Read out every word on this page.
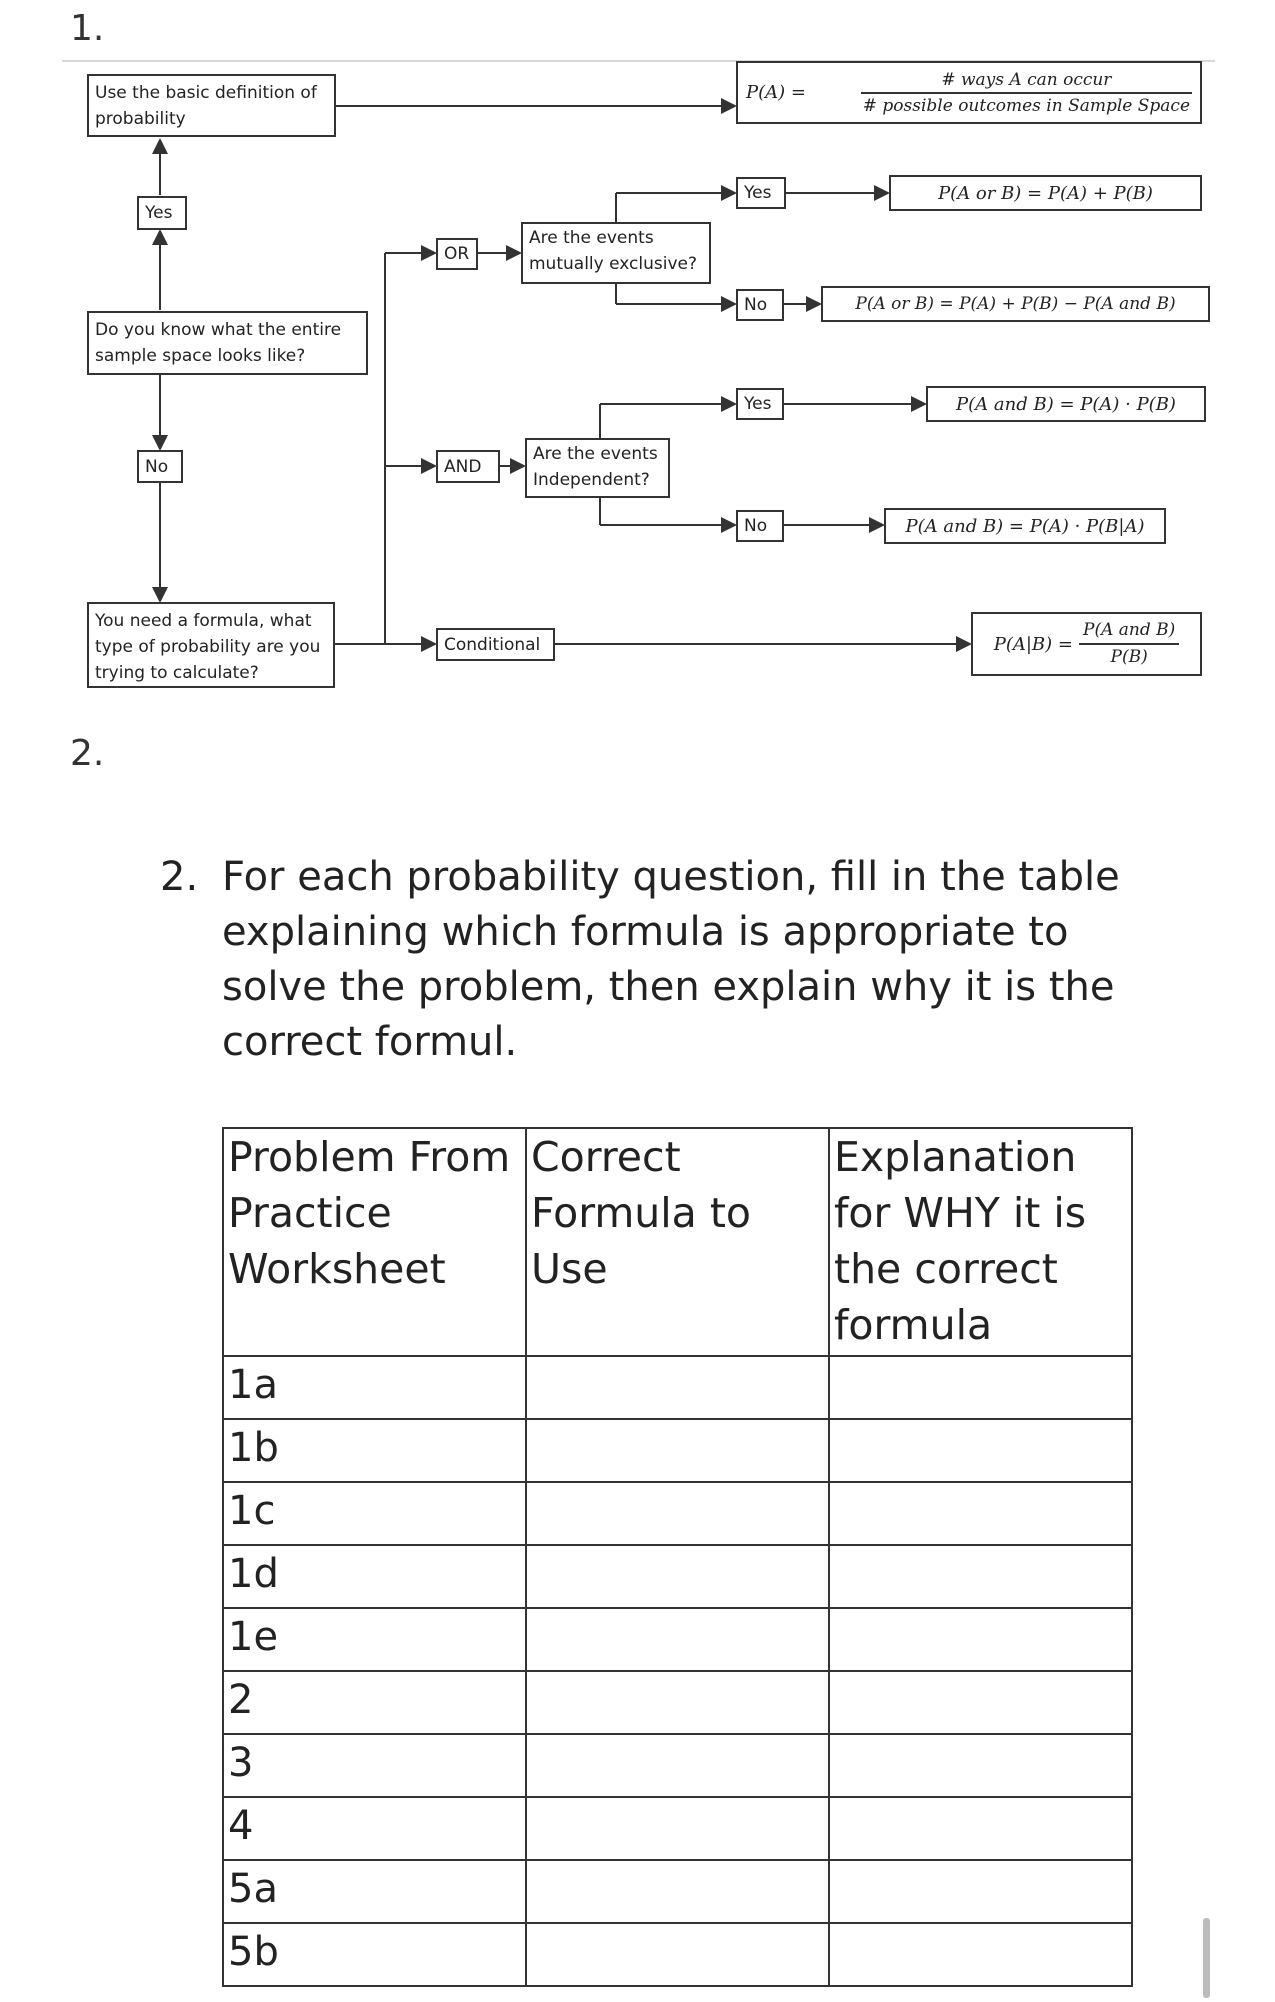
1.
2.
Use the basic definition of probability
Yes
Do you know what the entire sample space looks like?
No
You need a formula, what type of probability are you trying to calculate?
OR
AND
Conditional
Are the events mutually exclusive?
Are the events Independent?
Yes
No
Yes
No
P(A) =
# ways A can occur
# possible outcomes in Sample Space
P(A or B) = P(A) + P(B)
P(A or B) = P(A) + P(B) − P(A and B)
P(A and B) = P(A) · P(B)
P(A and B) = P(A) · P(B|A)
P(A|B) =
P(A and B)
P(B)
2. For each probability question, fill in the table explaining which formula is appropriate to solve the problem, then explain why it is the correct formul.
Problem From Practice Worksheet	Correct Formula to Use	Explanation for WHY it is the correct formula
1a		
1b		
1c		
1d		
1e		
2		
3		
4		
5a		
5b		
